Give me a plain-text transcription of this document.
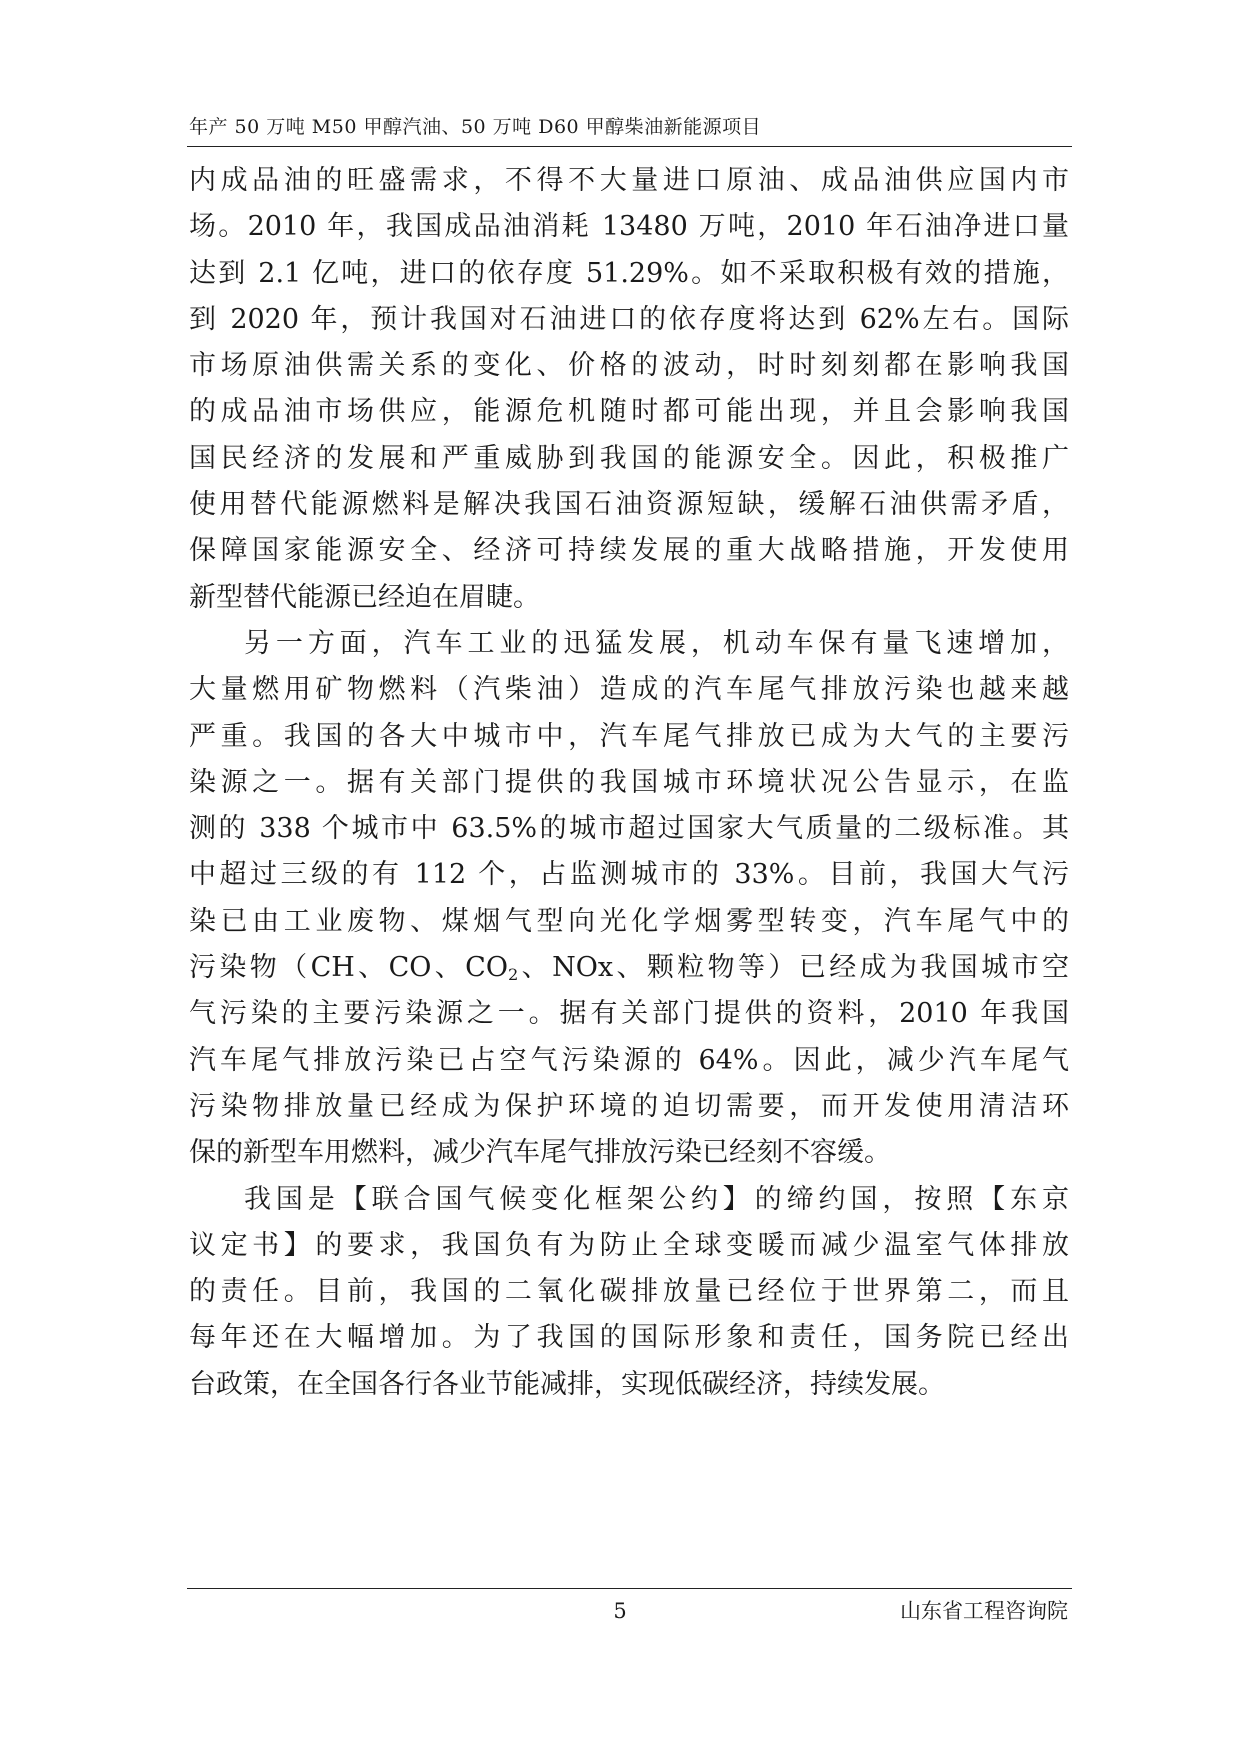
年产 50 万吨 M50 甲醇汽油、50 万吨 D60 甲醇柴油新能源项目
内成品油的旺盛需求，不得不大量进口原油、成品油供应国内市
场。2010 年，我国成品油消耗 13480 万吨，2010 年石油净进口量
达到 2.1 亿吨，进口的依存度 51.29%。如不采取积极有效的措施，
到 2020 年，预计我国对石油进口的依存度将达到 62%左右。国际
市场原油供需关系的变化、价格的波动，时时刻刻都在影响我国
的成品油市场供应，能源危机随时都可能出现，并且会影响我国
国民经济的发展和严重威胁到我国的能源安全。因此，积极推广
使用替代能源燃料是解决我国石油资源短缺，缓解石油供需矛盾，
保障国家能源安全、经济可持续发展的重大战略措施，开发使用
新型替代能源已经迫在眉睫。
另一方面，汽车工业的迅猛发展，机动车保有量飞速增加，
大量燃用矿物燃料（汽柴油）造成的汽车尾气排放污染也越来越
严重。我国的各大中城市中，汽车尾气排放已成为大气的主要污
染源之一。据有关部门提供的我国城市环境状况公告显示，在监
测的 338 个城市中 63.5%的城市超过国家大气质量的二级标准。其
中超过三级的有 112 个，占监测城市的 33%。目前，我国大气污
染已由工业废物、煤烟气型向光化学烟雾型转变，汽车尾气中的
污染物（CH、CO、$CO_2$、NOx、颗粒物等）已经成为我国城市空
气污染的主要污染源之一。据有关部门提供的资料，2010 年我国
汽车尾气排放污染已占空气污染源的 64%。因此，减少汽车尾气
污染物排放量已经成为保护环境的迫切需要，而开发使用清洁环
保的新型车用燃料，减少汽车尾气排放污染已经刻不容缓。
我国是【联合国气候变化框架公约】的缔约国，按照【东京
议定书】的要求，我国负有为防止全球变暖而减少温室气体排放
的责任。目前，我国的二氧化碳排放量已经位于世界第二，而且
每年还在大幅增加。为了我国的国际形象和责任，国务院已经出
台政策，在全国各行各业节能减排，实现低碳经济，持续发展。
5	山东省工程咨询院
